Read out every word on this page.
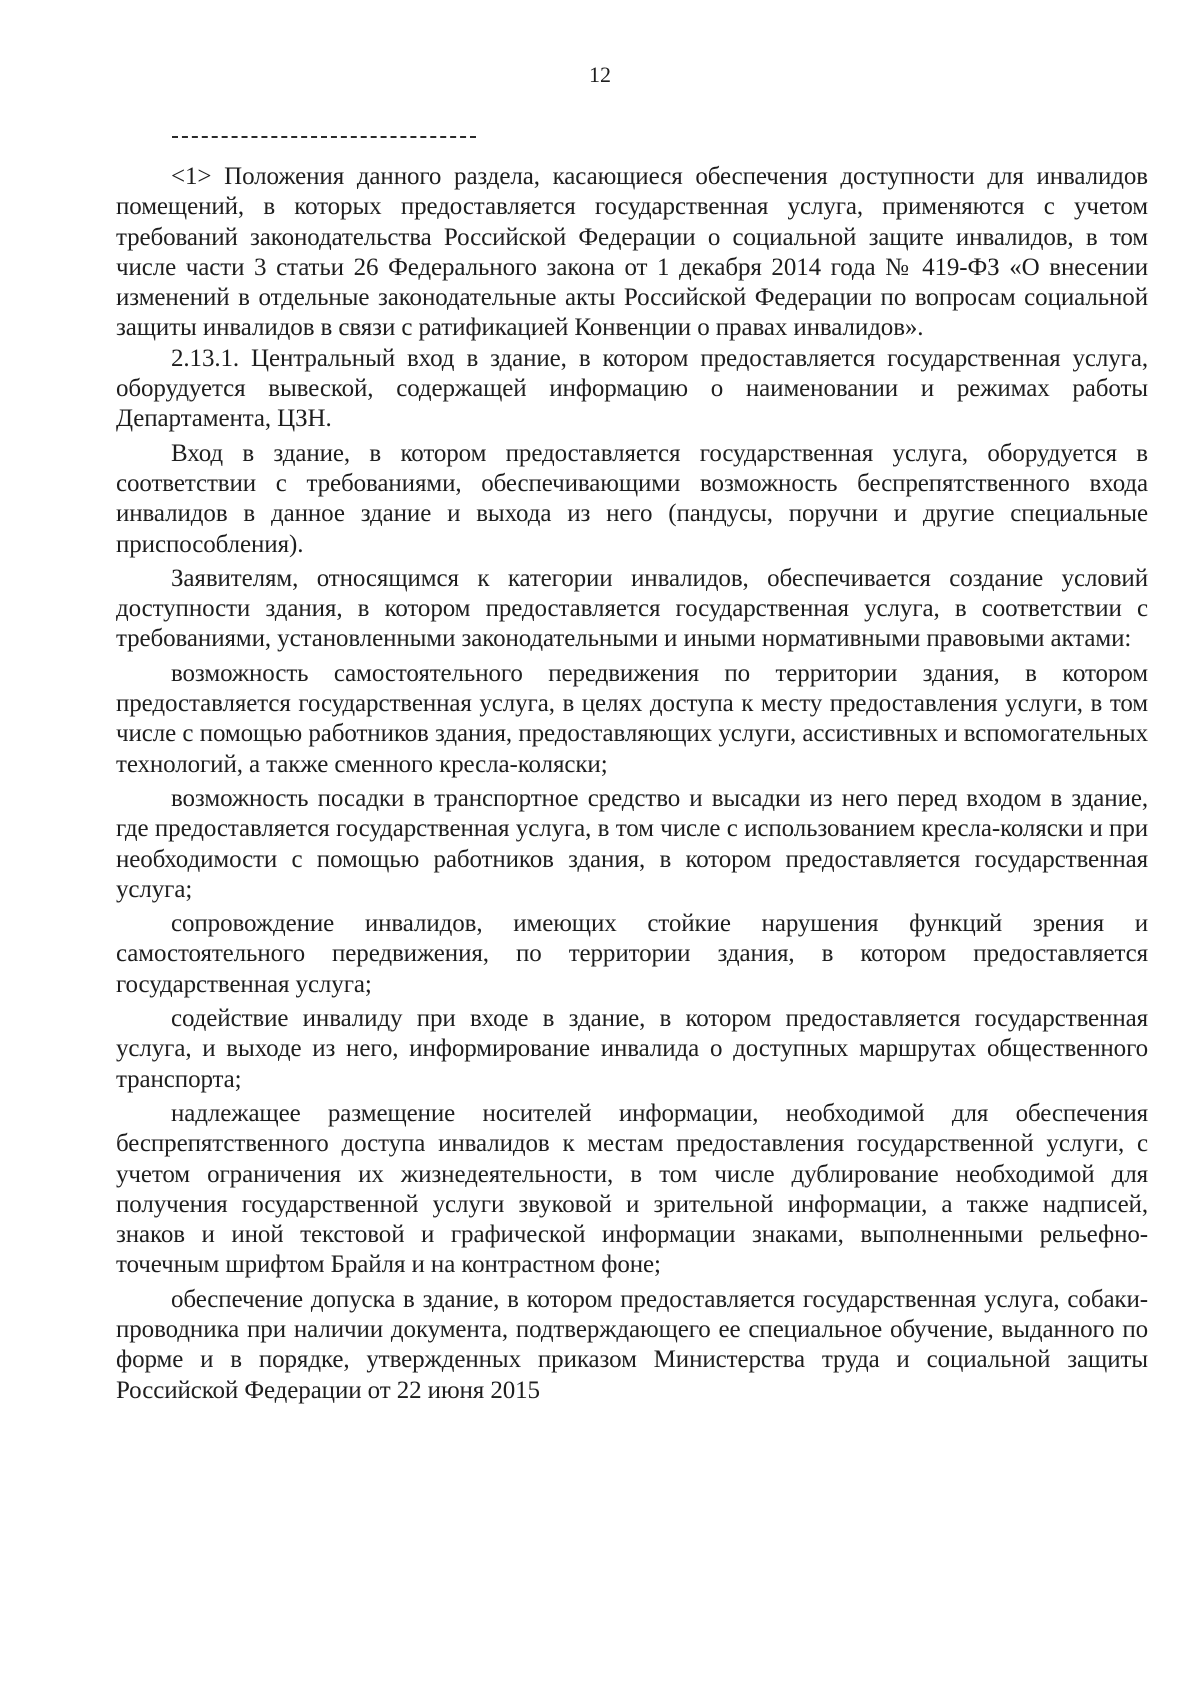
12

<1> Положения данного раздела, касающиеся обеспечения доступности для инвалидов помещений, в которых предоставляется государственная услуга, применяются с учетом требований законодательства Российской Федерации о социальной защите инвалидов, в том числе части 3 статьи 26 Федерального закона от 1 декабря 2014 года № 419-ФЗ «О внесении изменений в отдельные законодательные акты Российской Федерации по вопросам социальной защиты инвалидов в связи с ратификацией Конвенции о правах инвалидов».

2.13.1. Центральный вход в здание, в котором предоставляется государственная услуга, оборудуется вывеской, содержащей информацию о наименовании и режимах работы Департамента, ЦЗН.

Вход в здание, в котором предоставляется государственная услуга, оборудуется в соответствии с требованиями, обеспечивающими возможность беспрепятственного входа инвалидов в данное здание и выхода из него (пандусы, поручни и другие специальные приспособления).

Заявителям, относящимся к категории инвалидов, обеспечивается создание условий доступности здания, в котором предоставляется государственная услуга, в соответствии с требованиями, установленными законодательными и иными нормативными правовыми актами:

возможность самостоятельного передвижения по территории здания, в котором предоставляется государственная услуга, в целях доступа к месту предоставления услуги, в том числе с помощью работников здания, предоставляющих услуги, ассистивных и вспомогательных технологий, а также сменного кресла-коляски;

возможность посадки в транспортное средство и высадки из него перед входом в здание, где предоставляется государственная услуга, в том числе с использованием кресла-коляски и при необходимости с помощью работников здания, в котором предоставляется государственная услуга;

сопровождение инвалидов, имеющих стойкие нарушения функций зрения и самостоятельного передвижения, по территории здания, в котором предоставляется государственная услуга;

содействие инвалиду при входе в здание, в котором предоставляется государственная услуга, и выходе из него, информирование инвалида о доступных маршрутах общественного транспорта;

надлежащее размещение носителей информации, необходимой для обеспечения беспрепятственного доступа инвалидов к местам предоставления государственной услуги, с учетом ограничения их жизнедеятельности, в том числе дублирование необходимой для получения государственной услуги звуковой и зрительной информации, а также надписей, знаков и иной текстовой и графической информации знаками, выполненными рельефно-точечным шрифтом Брайля и на контрастном фоне;

обеспечение допуска в здание, в котором предоставляется государственная услуга, собаки-проводника при наличии документа, подтверждающего ее специальное обучение, выданного по форме и в порядке, утвержденных приказом Министерства труда и социальной защиты Российской Федерации от 22 июня 2015
